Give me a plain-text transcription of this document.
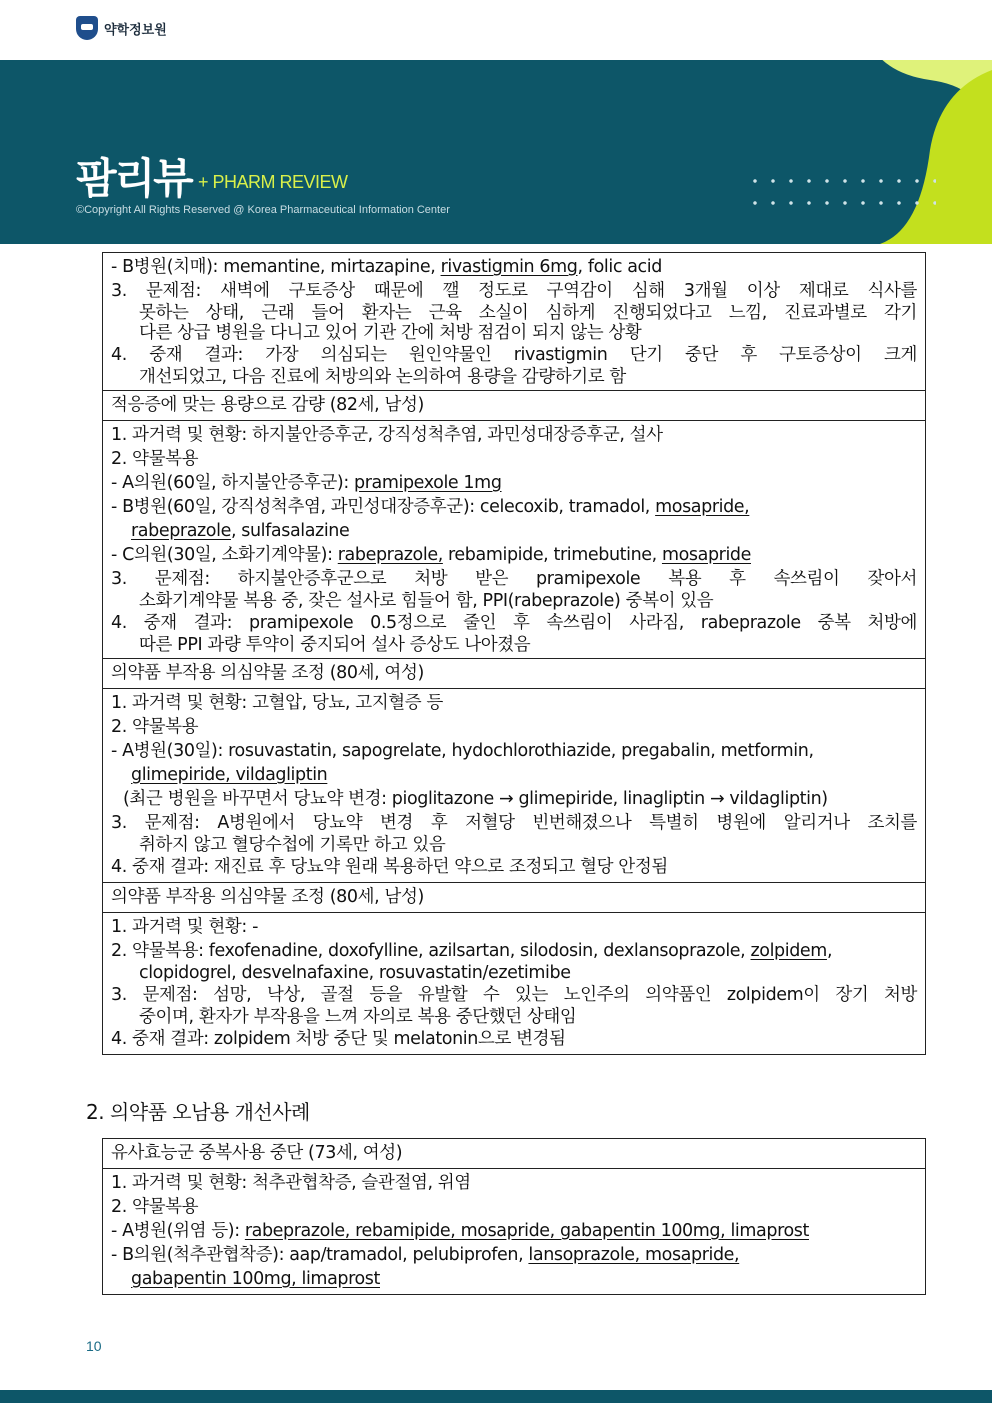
약학정보원
팜리뷰 + PHARM REVIEW
©Copyright All Rights Reserved @ Korea Pharmaceutical Information Center
- B병원(치매): memantine, mirtazapine, rivastigmin 6mg, folic acid
3. 문제점: 새벽에 구토증상 때문에 깰 정도로 구역감이 심해 3개월 이상 제대로 식사를
못하는 상태, 근래 들어 환자는 근육 소실이 심하게 진행되었다고 느낌, 진료과별로 각기
다른 상급 병원을 다니고 있어 기관 간에 처방 점검이 되지 않는 상황
4. 중재 결과: 가장 의심되는 원인약물인 rivastigmin 단기 중단 후 구토증상이 크게
개선되었고, 다음 진료에 처방의와 논의하여 용량을 감량하기로 함
적응증에 맞는 용량으로 감량 (82세, 남성)
1. 과거력 및 현황: 하지불안증후군, 강직성척추염, 과민성대장증후군, 설사
2. 약물복용
- A의원(60일, 하지불안증후군): pramipexole 1mg
- B병원(60일, 강직성척추염, 과민성대장증후군): celecoxib, tramadol, mosapride,
rabeprazole, sulfasalazine
- C의원(30일, 소화기계약물): rabeprazole, rebamipide, trimebutine, mosapride
3. 문제점: 하지불안증후군으로 처방 받은 pramipexole 복용 후 속쓰림이 잦아서
소화기계약물 복용 중, 잦은 설사로 힘들어 함, PPI(rabeprazole) 중복이 있음
4. 중재 결과: pramipexole 0.5정으로 줄인 후 속쓰림이 사라짐, rabeprazole 중복 처방에
따른 PPI 과량 투약이 중지되어 설사 증상도 나아졌음
의약품 부작용 의심약물 조정 (80세, 여성)
1. 과거력 및 현황: 고혈압, 당뇨, 고지혈증 등
2. 약물복용
- A병원(30일): rosuvastatin, sapogrelate, hydochlorothiazide, pregabalin, metformin,
glimepiride, vildagliptin
(최근 병원을 바꾸면서 당뇨약 변경: pioglitazone → glimepiride, linagliptin → vildagliptin)
3. 문제점: A병원에서 당뇨약 변경 후 저혈당 빈번해졌으나 특별히 병원에 알리거나 조치를
취하지 않고 혈당수첩에 기록만 하고 있음
4. 중재 결과: 재진료 후 당뇨약 원래 복용하던 약으로 조정되고 혈당 안정됨
의약품 부작용 의심약물 조정 (80세, 남성)
1. 과거력 및 현황: -
2. 약물복용: fexofenadine, doxofylline, azilsartan, silodosin, dexlansoprazole, zolpidem,
clopidogrel, desvelnafaxine, rosuvastatin/ezetimibe
3. 문제점: 섬망, 낙상, 골절 등을 유발할 수 있는 노인주의 의약품인 zolpidem이 장기 처방
중이며, 환자가 부작용을 느껴 자의로 복용 중단했던 상태임
4. 중재 결과: zolpidem 처방 중단 및 melatonin으로 변경됨
2. 의약품 오남용 개선사례
유사효능군 중복사용 중단 (73세, 여성)
1. 과거력 및 현황: 척추관협착증, 슬관절염, 위염
2. 약물복용
- A병원(위염 등): rabeprazole, rebamipide, mosapride, gabapentin 100mg, limaprost
- B의원(척추관협착증): aap/tramadol, pelubiprofen, lansoprazole, mosapride,
gabapentin 100mg, limaprost
10
